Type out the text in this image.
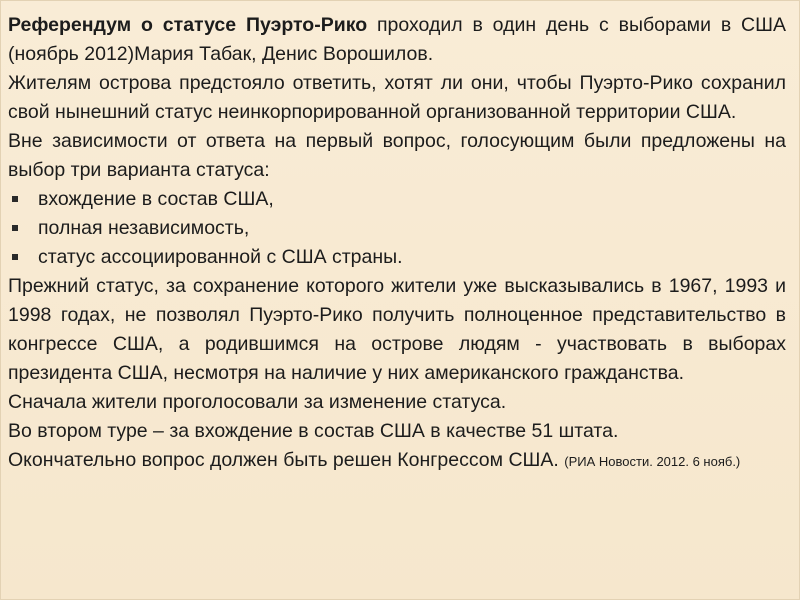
Референдум о статусе Пуэрто-Рико проходил в один день с выборами в США (ноябрь 2012)Мария Табак, Денис Ворошилов.

Жителям острова предстояло ответить, хотят ли они, чтобы Пуэрто-Рико сохранил свой нынешний статус неинкорпорированной организованной территории США.

Вне зависимости от ответа на первый вопрос, голосующим были предложены на выбор три варианта статуса:

вхождение в состав США,
полная независимость,
статус ассоциированной с США страны.

Прежний статус, за сохранение которого жители уже высказывались в 1967, 1993 и 1998 годах, не позволял Пуэрто-Рико получить полноценное представительство в конгрессе США, а родившимся на острове людям - участвовать в выборах президента США, несмотря на наличие у них американского гражданства.

Сначала жители проголосовали за изменение статуса.

Во втором туре – за вхождение в состав США в качестве 51 штата.

Окончательно вопрос должен быть решен Конгрессом США. (РИА Новости. 2012. 6 нояб.)
